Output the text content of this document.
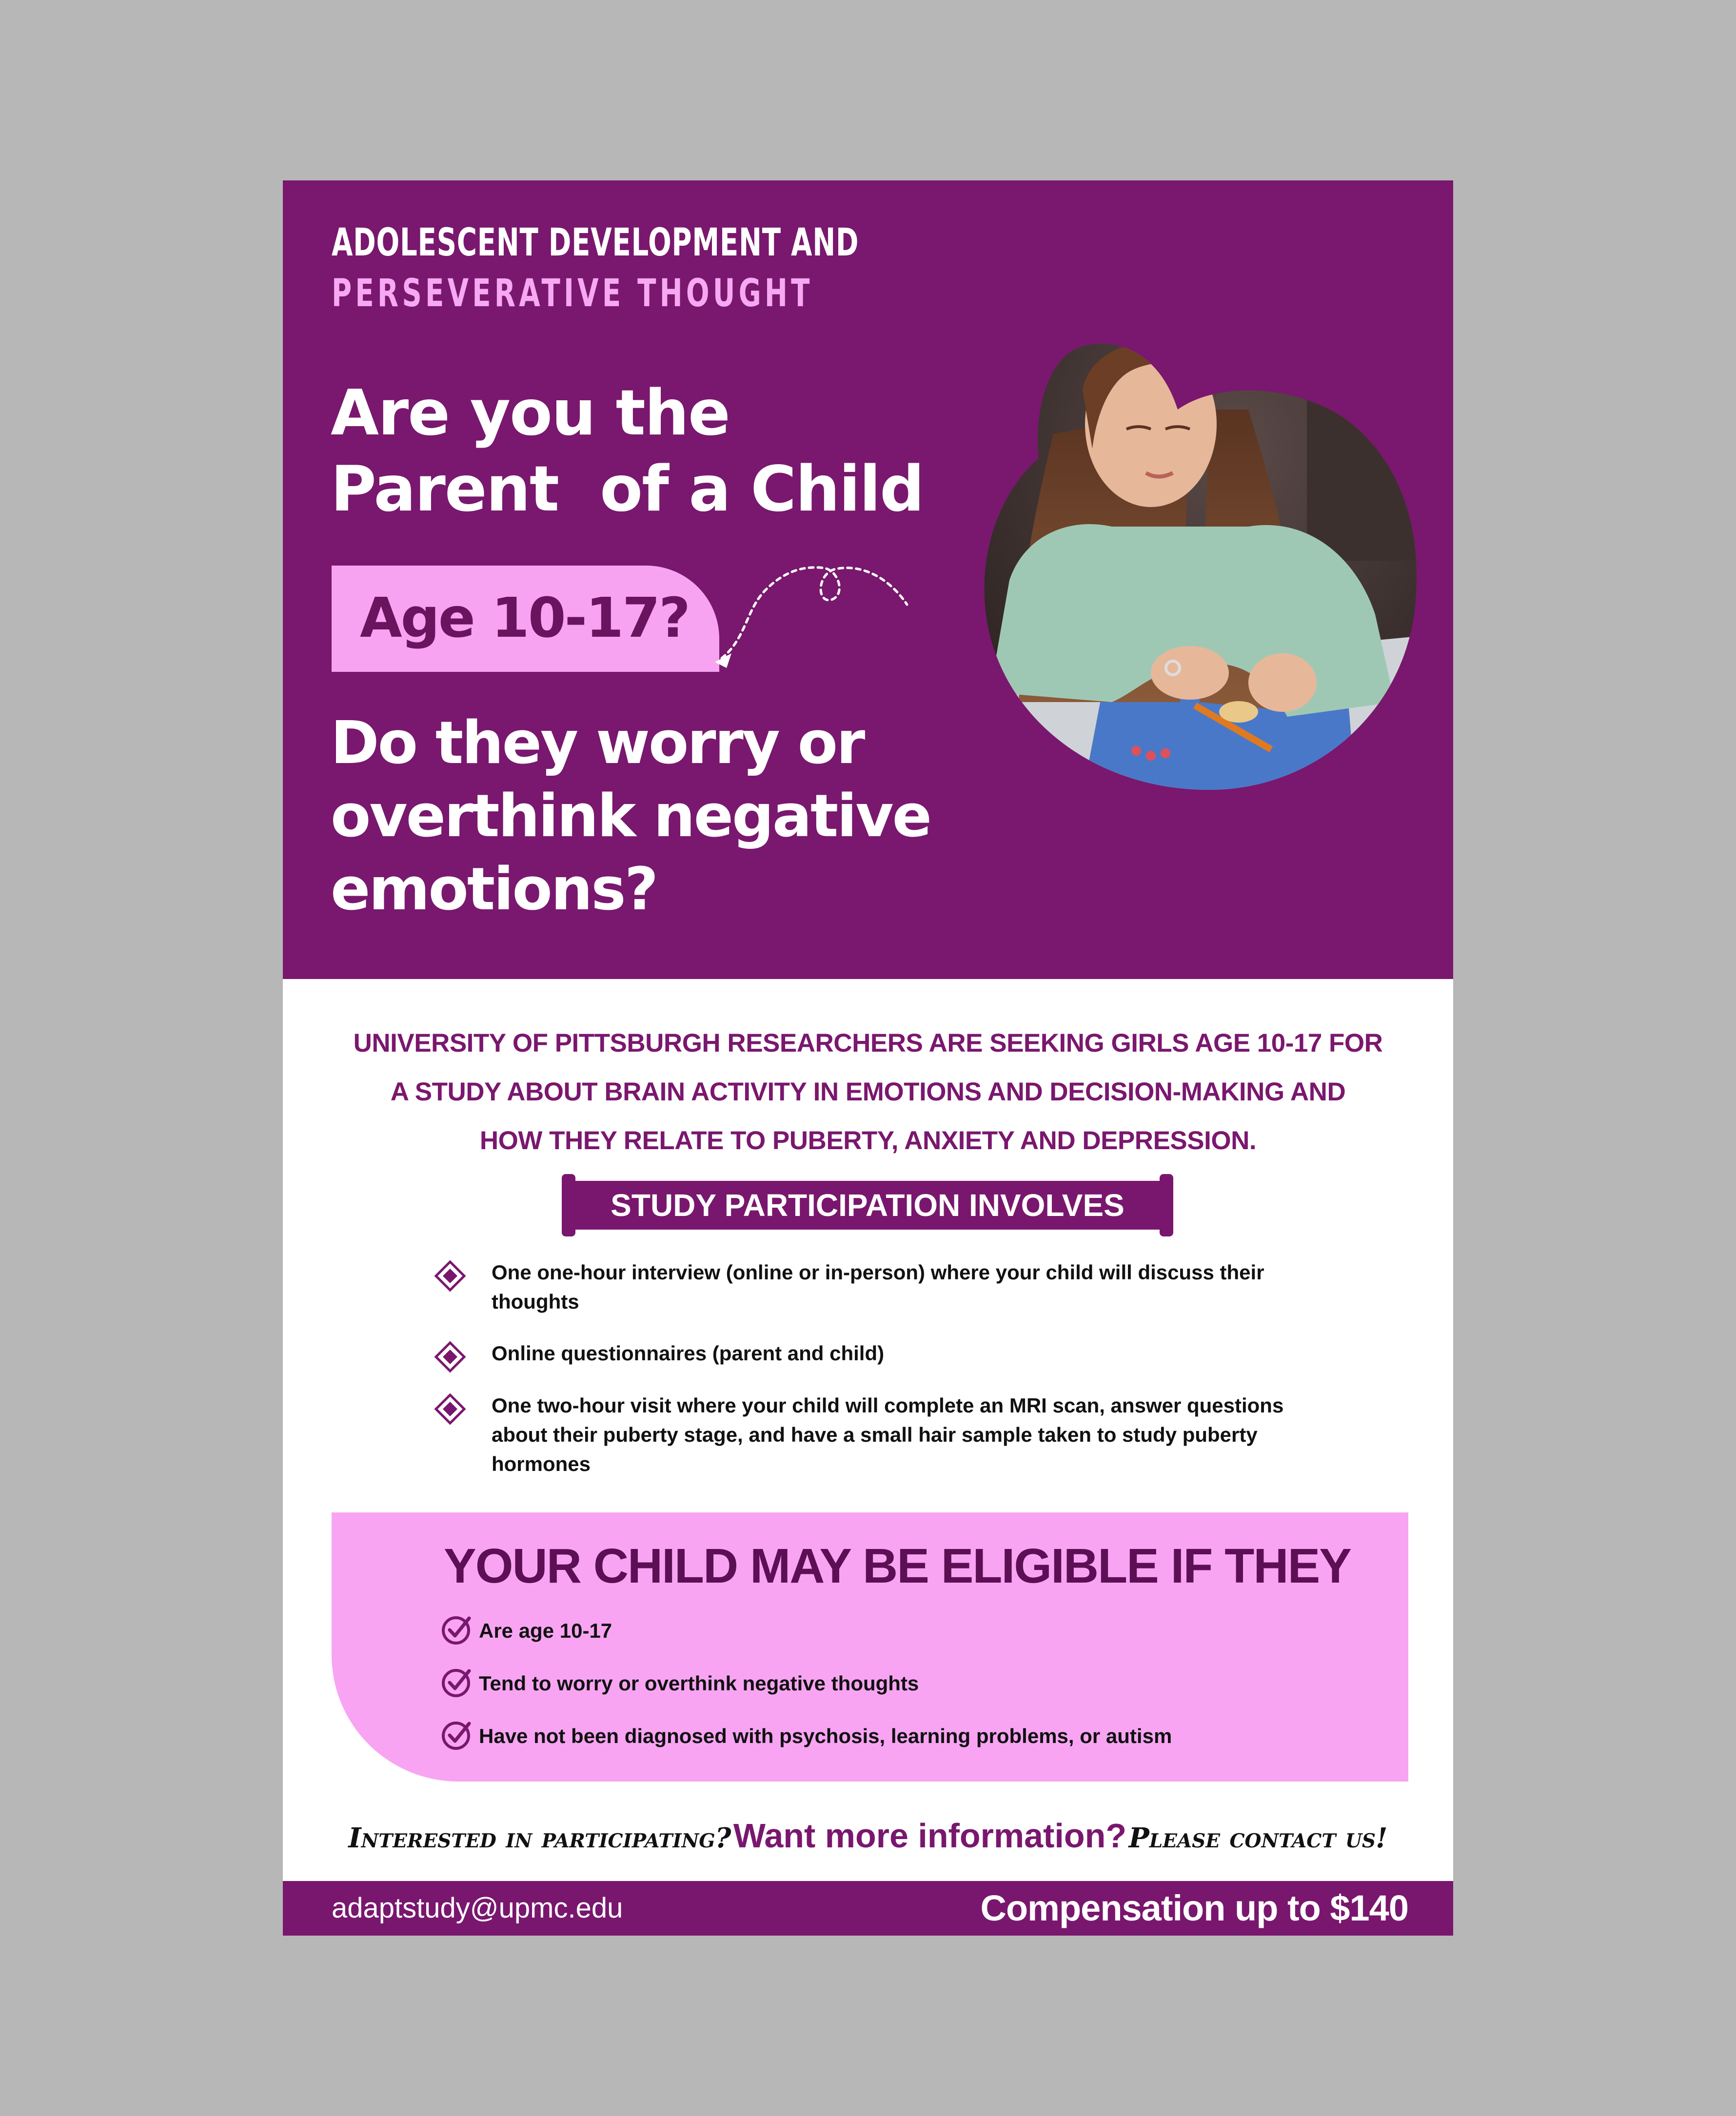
ADOLESCENT DEVELOPMENT AND
PERSEVERATIVE THOUGHT
Are you the
Parent  of a Child
Age 10-17?
Do they worry or
overthink negative
emotions?
UNIVERSITY OF PITTSBURGH RESEARCHERS ARE SEEKING GIRLS AGE 10-17 FOR
A STUDY ABOUT BRAIN ACTIVITY IN EMOTIONS AND DECISION-MAKING AND
HOW THEY RELATE TO PUBERTY, ANXIETY AND DEPRESSION.
STUDY PARTICIPATION INVOLVES
One one-hour interview (online or in-person) where your child will discuss their thoughts
Online questionnaires (parent and child)
One two-hour visit where your child will complete an MRI scan, answer questions about their puberty stage, and have a small hair sample taken to study puberty hormones
YOUR CHILD MAY BE ELIGIBLE IF THEY
Are age 10-17
Tend to worry or overthink negative thoughts
Have not been diagnosed with psychosis, learning problems, or autism
Interested in participating? Want more information? Please contact us!
adaptstudy@upmc.edu	Compensation up to $140
